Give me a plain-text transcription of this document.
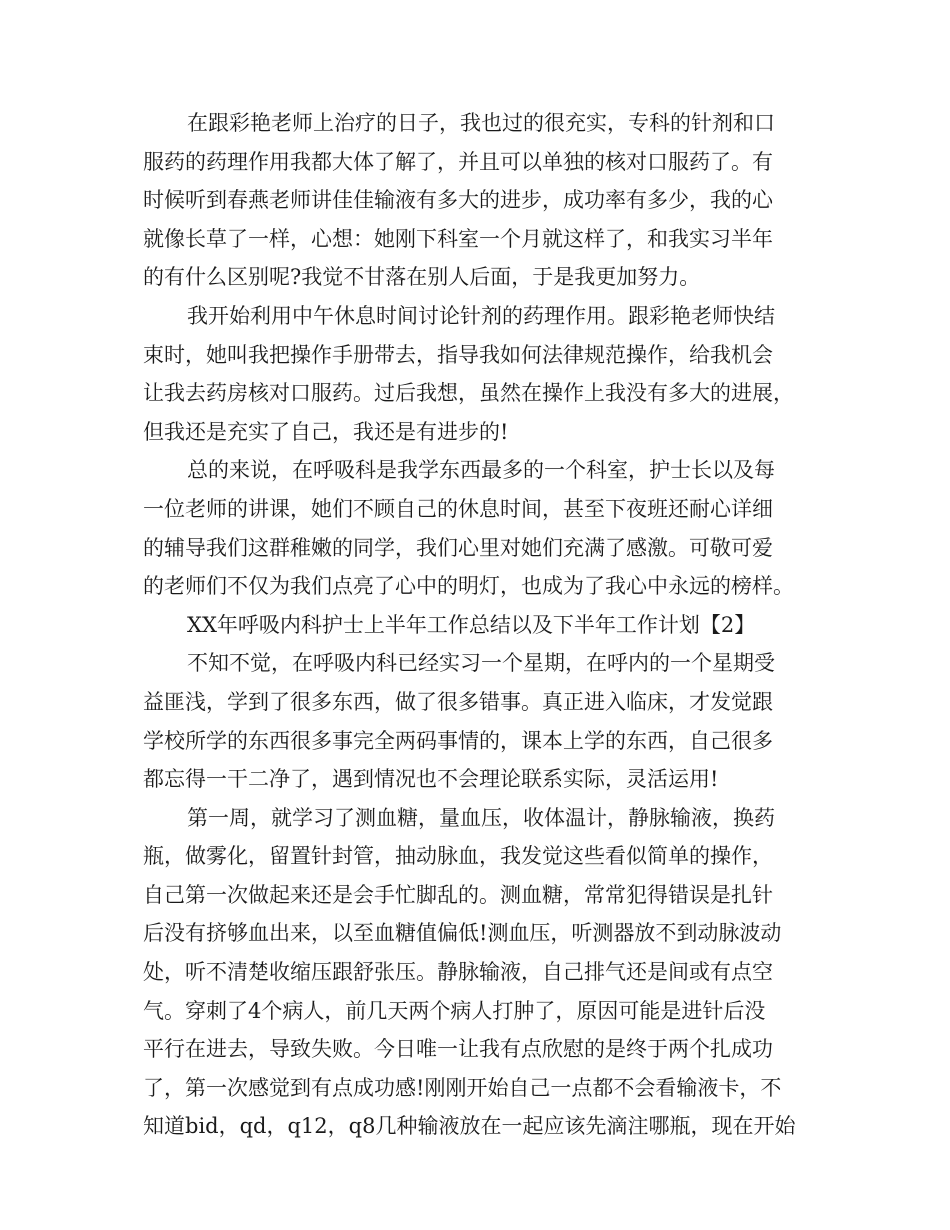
在跟彩艳老师上治疗的日子，我也过的很充实，专科的针剂和口
服药的药理作用我都大体了解了，并且可以单独的核对口服药了。有
时候听到春燕老师讲佳佳输液有多大的进步，成功率有多少，我的心
就像长草了一样，心想：她刚下科室一个月就这样了，和我实习半年
的有什么区别呢?我觉不甘落在别人后面，于是我更加努力。
我开始利用中午休息时间讨论针剂的药理作用。跟彩艳老师快结
束时，她叫我把操作手册带去，指导我如何法律规范操作，给我机会
让我去药房核对口服药。过后我想，虽然在操作上我没有多大的进展，
但我还是充实了自己，我还是有进步的!
总的来说，在呼吸科是我学东西最多的一个科室，护士长以及每
一位老师的讲课，她们不顾自己的休息时间，甚至下夜班还耐心详细
的辅导我们这群稚嫩的同学，我们心里对她们充满了感激。可敬可爱
的老师们不仅为我们点亮了心中的明灯，也成为了我心中永远的榜样。
XX年呼吸内科护士上半年工作总结以及下半年工作计划【2】
不知不觉，在呼吸内科已经实习一个星期，在呼内的一个星期受
益匪浅，学到了很多东西，做了很多错事。真正进入临床，才发觉跟
学校所学的东西很多事完全两码事情的，课本上学的东西，自己很多
都忘得一干二净了，遇到情况也不会理论联系实际，灵活运用!
第一周，就学习了测血糖，量血压，收体温计，静脉输液，换药
瓶，做雾化，留置针封管，抽动脉血，我发觉这些看似简单的操作，
自己第一次做起来还是会手忙脚乱的。测血糖，常常犯得错误是扎针
后没有挤够血出来，以至血糖值偏低!测血压，听测器放不到动脉波动
处，听不清楚收缩压跟舒张压。静脉输液，自己排气还是间或有点空
气。穿刺了4个病人，前几天两个病人打肿了，原因可能是进针后没
平行在进去，导致失败。今日唯一让我有点欣慰的是终于两个扎成功
了，第一次感觉到有点成功感!刚刚开始自己一点都不会看输液卡，不
知道bid，qd，q12，q8几种输液放在一起应该先滴注哪瓶，现在开始
